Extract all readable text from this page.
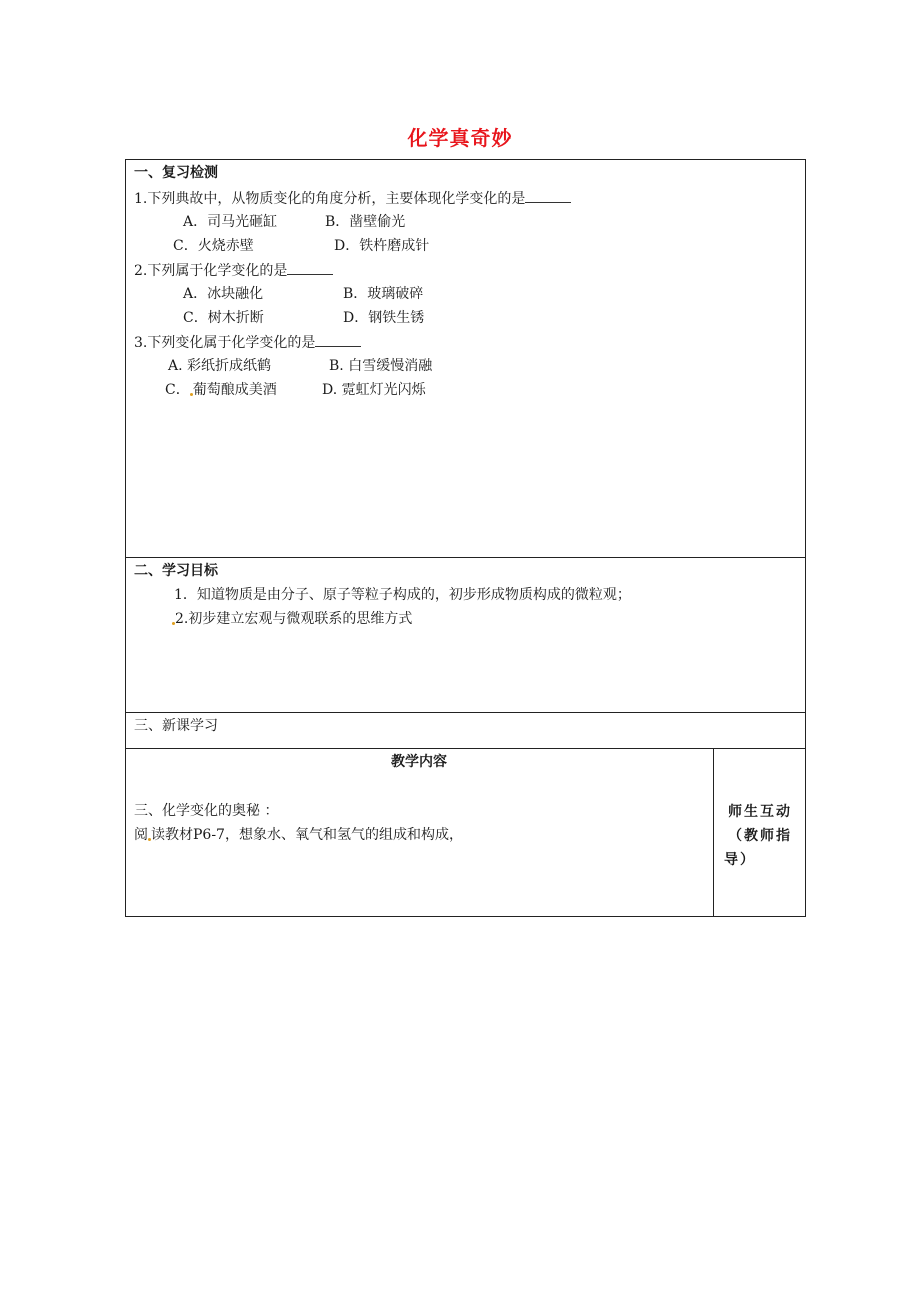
化学真奇妙
一、复习检测
1.下列典故中，从物质变化的角度分析，主要体现化学变化的是
A．司马光砸缸	B．凿壁偷光
C．火烧赤壁	D．铁杵磨成针
2.下列属于化学变化的是
A．冰块融化	B．玻璃破碎
C．树木折断	D．钢铁生锈
3.下列变化属于化学变化的是
A. 彩纸折成纸鹤	B. 白雪缓慢消融
C． 葡萄酿成美酒	D. 霓虹灯光闪烁
二、学习目标
1．知道物质是由分子、原子等粒子构成的，初步形成物质构成的微粒观；
2.初步建立宏观与微观联系的思维方式
三、新课学习
教学内容
三、化学变化的奥秘 ：
阅 读教材P6-7，想象水、氧气和氢气的组成和构成，
师生互动
（教师指
导）
